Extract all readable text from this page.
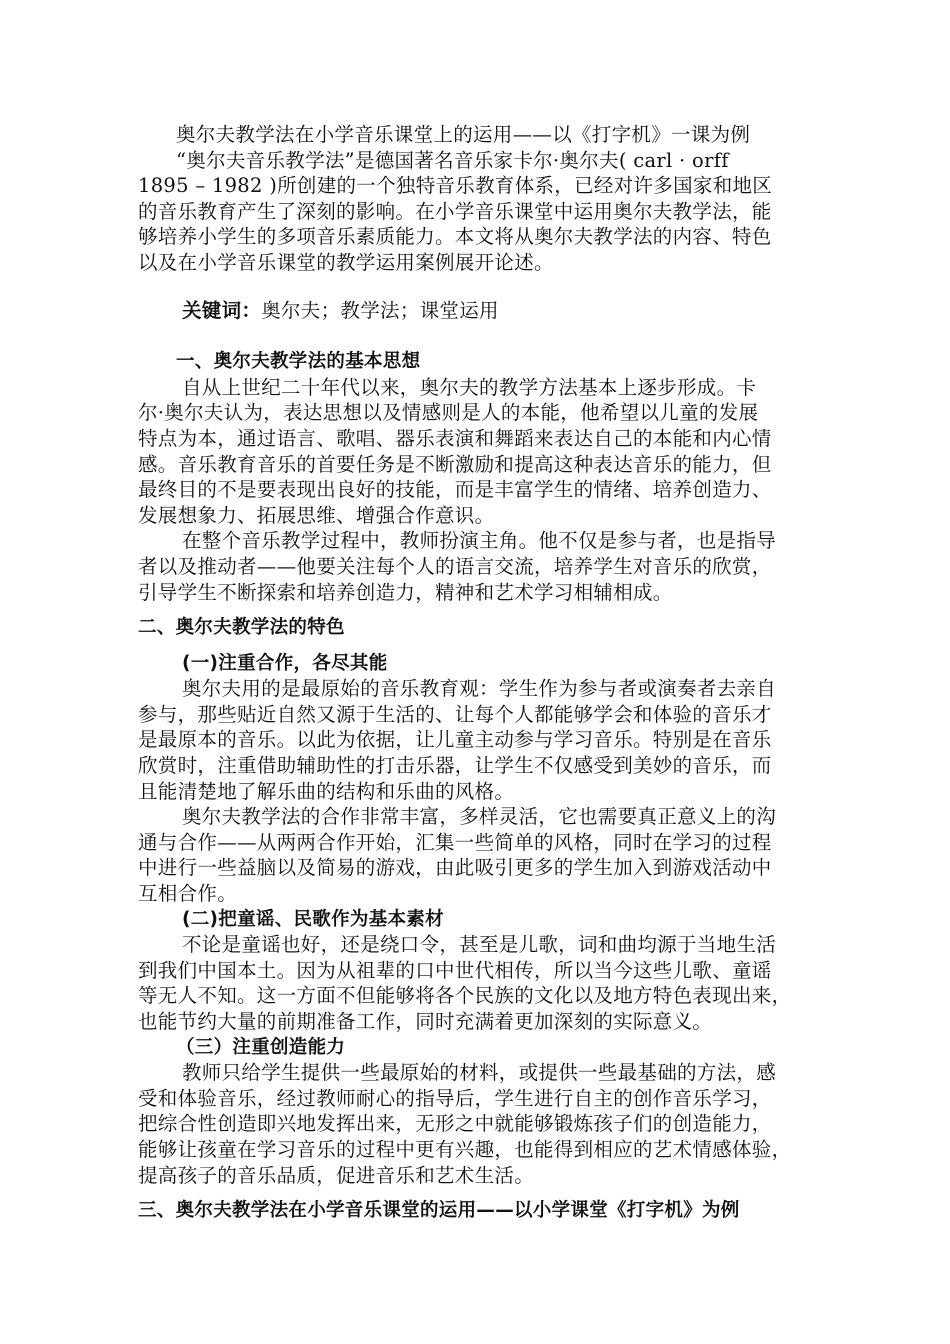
奥尔夫教学法在小学音乐课堂上的运用——以《打字机》一课为例
“奥尔夫音乐教学法”是德国著名音乐家卡尔·奥尔夫( carl · orff
1895 – 1982 )所创建的一个独特音乐教育体系，已经对许多国家和地区
的音乐教育产生了深刻的影响。在小学音乐课堂中运用奥尔夫教学法，能
够培养小学生的多项音乐素质能力。本文将从奥尔夫教学法的内容、特色
以及在小学音乐课堂的教学运用案例展开论述。
关键词：奥尔夫；教学法；课堂运用
一、奥尔夫教学法的基本思想
自从上世纪二十年代以来，奥尔夫的教学方法基本上逐步形成。卡
尔·奥尔夫认为，表达思想以及情感则是人的本能，他希望以儿童的发展
特点为本，通过语言、歌唱、器乐表演和舞蹈来表达自己的本能和内心情
感。音乐教育音乐的首要任务是不断激励和提高这种表达音乐的能力，但
最终目的不是要表现出良好的技能，而是丰富学生的情绪、培养创造力、
发展想象力、拓展思维、增强合作意识。
在整个音乐教学过程中，教师扮演主角。他不仅是参与者，也是指导
者以及推动者——他要关注每个人的语言交流，培养学生对音乐的欣赏，
引导学生不断探索和培养创造力，精神和艺术学习相辅相成。
二、奥尔夫教学法的特色
(一)注重合作，各尽其能
奥尔夫用的是最原始的音乐教育观：学生作为参与者或演奏者去亲自
参与，那些贴近自然又源于生活的、让每个人都能够学会和体验的音乐才
是最原本的音乐。以此为依据，让儿童主动参与学习音乐。特别是在音乐
欣赏时，注重借助辅助性的打击乐器，让学生不仅感受到美妙的音乐，而
且能清楚地了解乐曲的结构和乐曲的风格。
奥尔夫教学法的合作非常丰富，多样灵活，它也需要真正意义上的沟
通与合作——从两两合作开始，汇集一些简单的风格，同时在学习的过程
中进行一些益脑以及简易的游戏，由此吸引更多的学生加入到游戏活动中
互相合作。
(二)把童谣、民歌作为基本素材
不论是童谣也好，还是绕口令，甚至是儿歌，词和曲均源于当地生活
到我们中国本土。因为从祖辈的口中世代相传，所以当今这些儿歌、童谣
等无人不知。这一方面不但能够将各个民族的文化以及地方特色表现出来，
也能节约大量的前期准备工作，同时充满着更加深刻的实际意义。
（三）注重创造能力
教师只给学生提供一些最原始的材料，或提供一些最基础的方法，感
受和体验音乐，经过教师耐心的指导后，学生进行自主的创作音乐学习，
把综合性创造即兴地发挥出来，无形之中就能够锻炼孩子们的创造能力，
能够让孩童在学习音乐的过程中更有兴趣，也能得到相应的艺术情感体验，
提高孩子的音乐品质，促进音乐和艺术生活。
三、奥尔夫教学法在小学音乐课堂的运用——以小学课堂《打字机》为例
